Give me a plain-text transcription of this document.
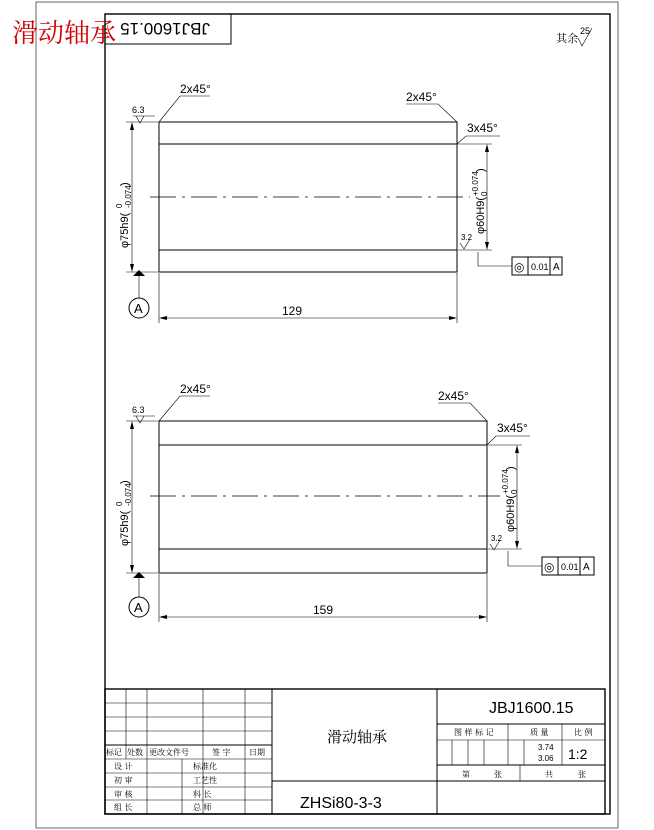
滑动轴承 JBJ1600.15
其余
25
2x45°
2x45°
3x45°
6.3
φ75h9(
0 -0.074
)
φ60H9(
+0.074 0
)
3.2
◎ 0.01 A
A	129
2x45°	2x45°
3x45°
6.3
φ75h9(
0 -0.074
)
φ60H9(
+0.074 0
)
3.2
◎ 0.01 A
A	159
标记 处数 更改文件号	签 字 日期
设 计	标准化
初 审	工艺性
审 核	科 长
组 长	总 师
滑动轴承
ZHSi80-3-3
JBJ1600.15
图 样 标 记	质 量	比 例
3.74
3.06 1:2
第	张	共	张
